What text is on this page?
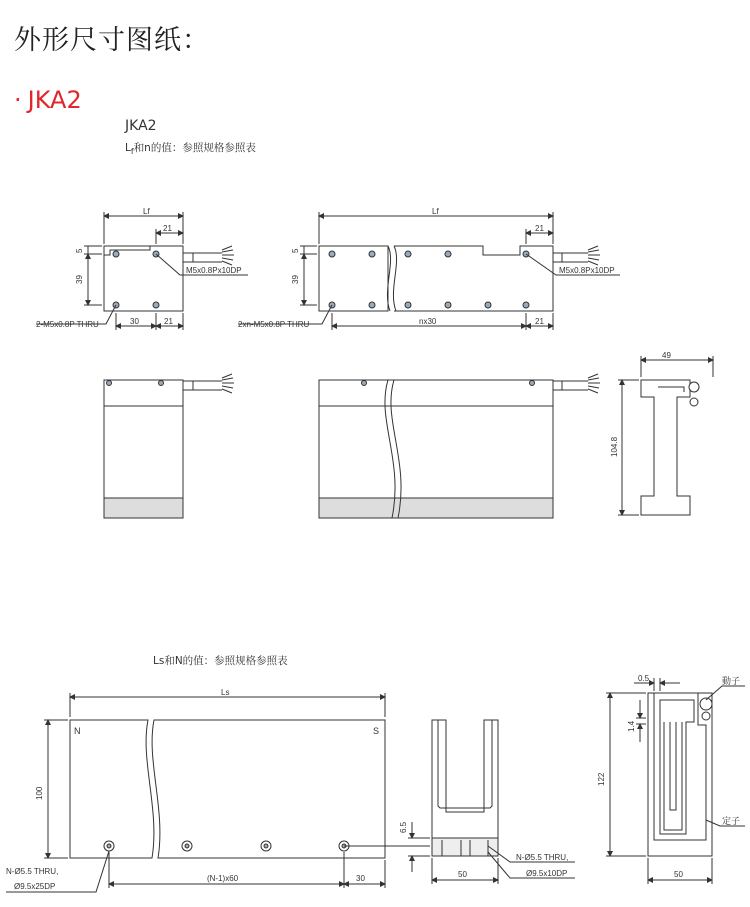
外形尺寸图纸：
· JKA2
JKA2
$L_f$和n的值：参照规格参照表
Ls和N的值：参照规格参照表
Lf
21
5
39
30	21
M5x0.8Px10DP
2-M5x0.8P THRU
Lf
21
5
39
nx30	21
M5x0.8Px10DP
2xn-M5x0.8P THRU
49
104.8
Ls
N	S
100
(N-1)x60	30
N-Ø5.5 THRU,
Ø9.5x25DP
6.5
50
N-Ø5.5 THRU,
Ø9.5x10DP
0.5
1.4
122
50
動子
定子
